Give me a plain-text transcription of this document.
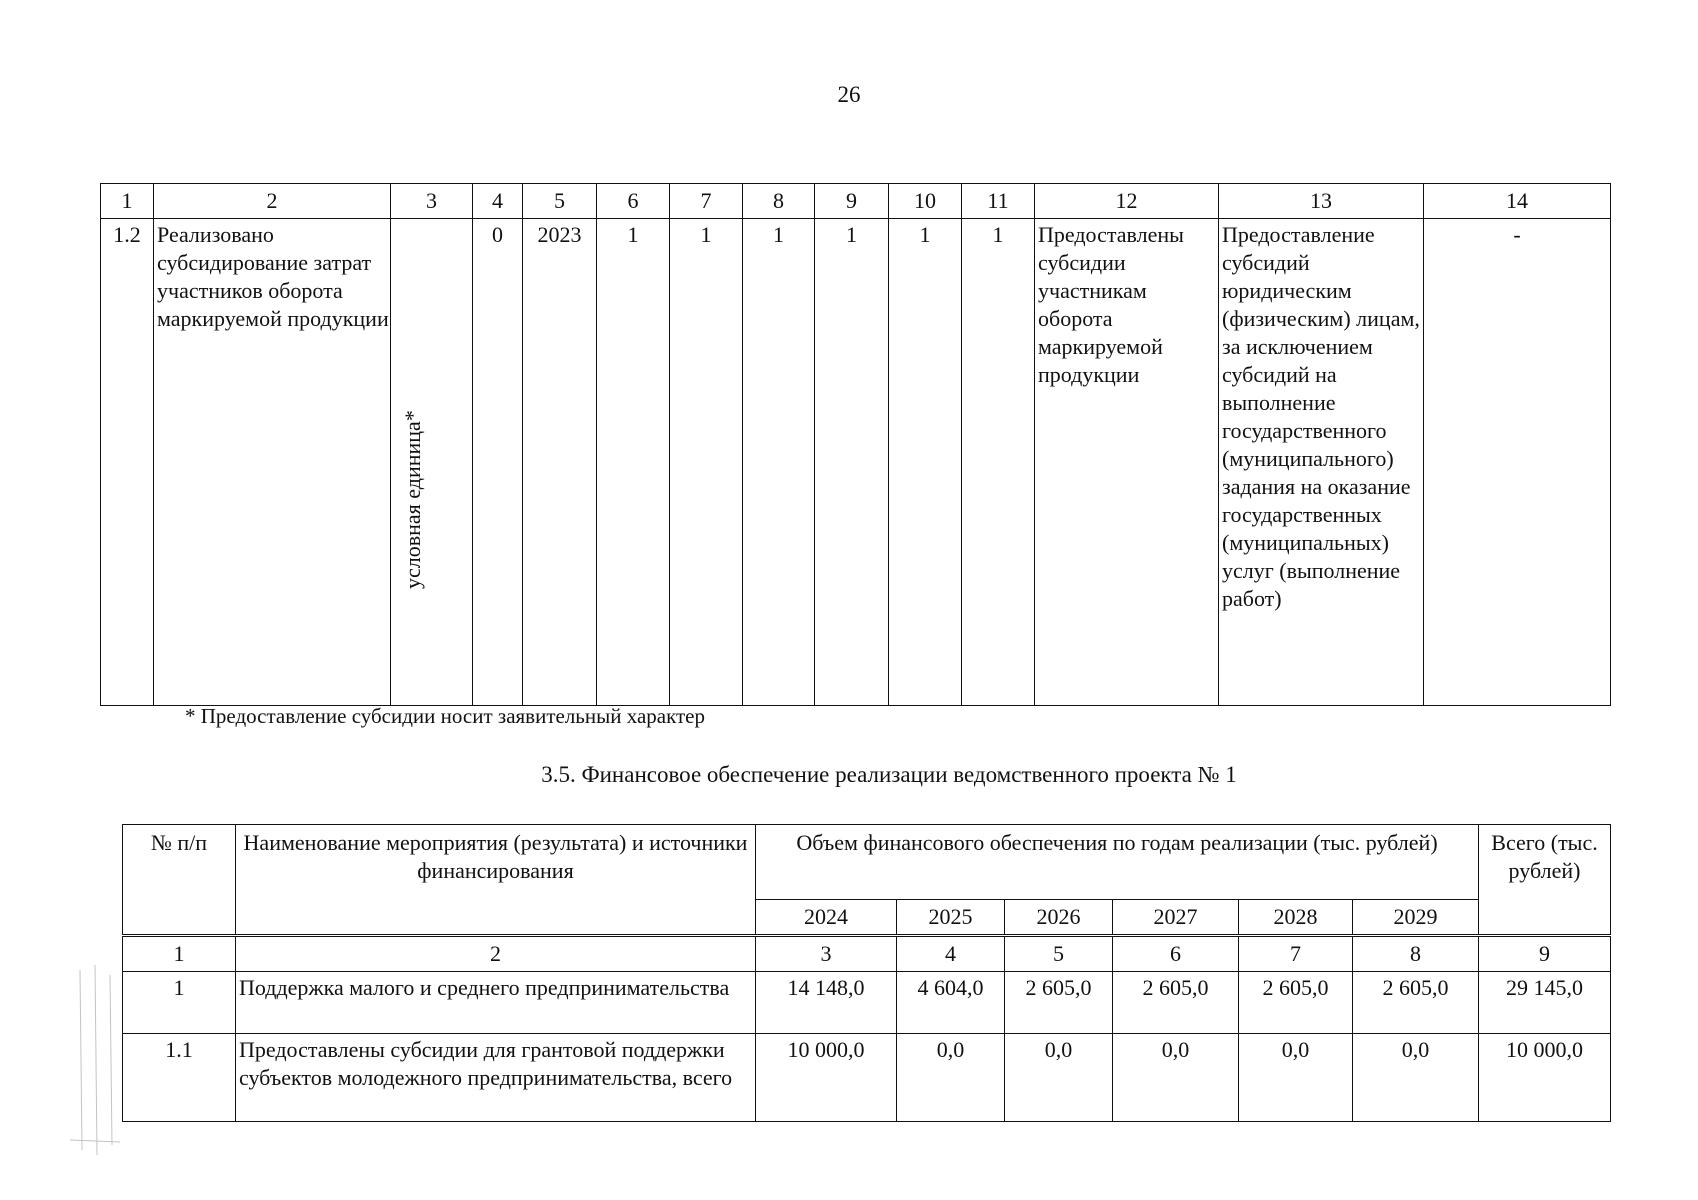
26
1	2	3	4	5	6	7	8	9	10	11	12	13	14
1.2	Реализовано субсидирование затрат участников оборота маркируемой продукции	условная единица*	0	2023	1	1	1	1	1	1	Предоставлены субсидии участникам оборота маркируемой продукции	Предоставление субсидий юридическим (физическим) лицам, за исключением субсидий на выполнение государственного (муниципального) задания на оказание государственных (муниципальных) услуг (выполнение работ)	-
* Предоставление субсидии носит заявительный характер
3.5. Финансовое обеспечение реализации ведомственного проекта № 1
№ п/п	Наименование мероприятия (результата) и источники финансирования	Объем финансового обеспечения по годам реализации (тыс. рублей)						Всего (тыс. рублей)
		2024	2025	2026	2027	2028	2029	
1	2	3	4	5	6	7	8	9
1	Поддержка малого и среднего предпринимательства	14 148,0	4 604,0	2 605,0	2 605,0	2 605,0	2 605,0	29 145,0
1.1	Предоставлены субсидии для грантовой поддержки субъектов молодежного предпринимательства, всего	10 000,0	0,0	0,0	0,0	0,0	0,0	10 000,0
